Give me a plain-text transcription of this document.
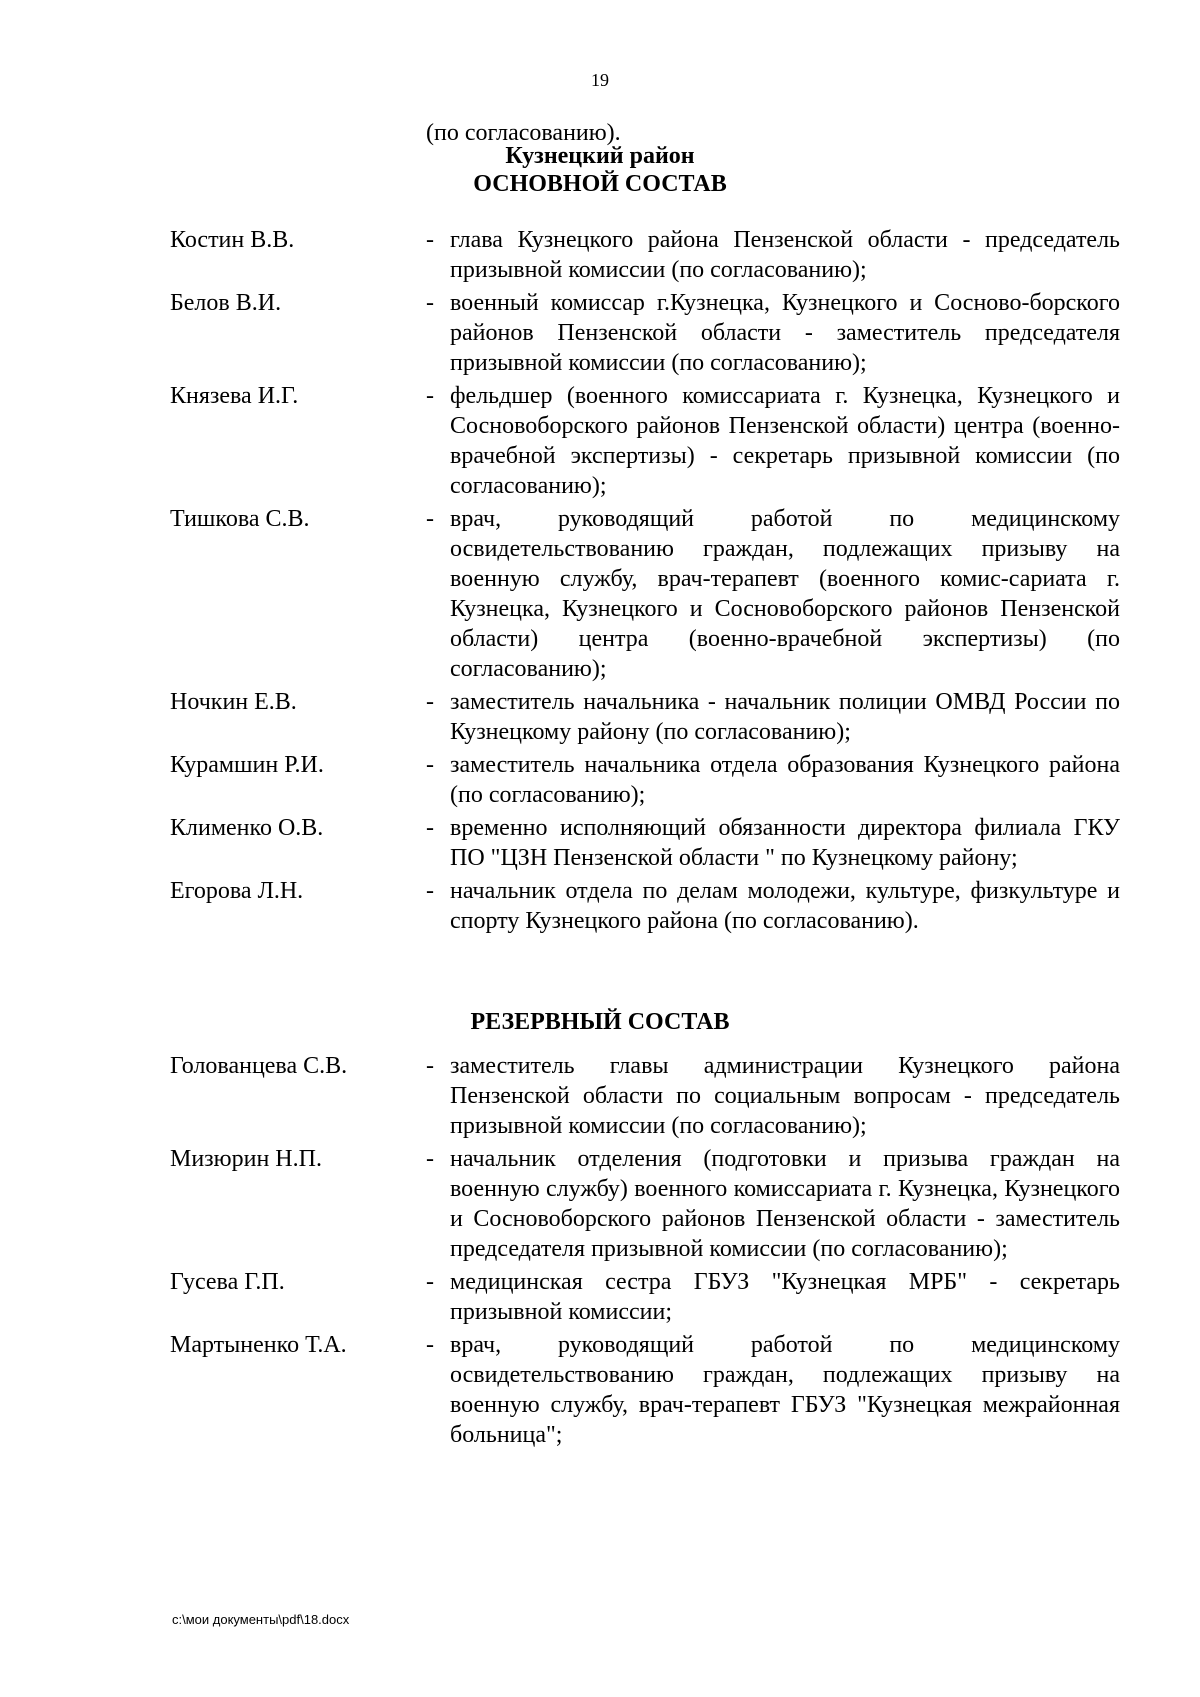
19
(по согласованию).
Кузнецкий район
ОСНОВНОЙ СОСТАВ
Костин В.В.	- глава Кузнецкого района Пензенской области - председатель призывной комиссии (по согласованию);
Белов В.И.	- военный комиссар г.Кузнецка, Кузнецкого и Сосново-борского районов Пензенской области - заместитель председателя призывной комиссии (по согласованию);
Князева И.Г.	- фельдшер (военного комиссариата г. Кузнецка, Кузнецкого и Сосновоборского районов Пензенской области) центра (военно-врачебной экспертизы) - секретарь призывной комиссии (по согласованию);
Тишкова С.В.	- врач, руководящий работой по медицинскому освидетельствованию граждан, подлежащих призыву на военную службу, врач-терапевт (военного комис-сариата г. Кузнецка, Кузнецкого и Сосновоборского районов Пензенской области) центра (военно-врачебной экспертизы) (по согласованию);
Ночкин Е.В.	- заместитель начальника - начальник полиции ОМВД России по Кузнецкому району (по согласованию);
Курамшин Р.И.	- заместитель начальника отдела образования Кузнецкого района (по согласованию);
Клименко О.В.	- временно исполняющий обязанности директора филиала ГКУ ПО "ЦЗН Пензенской области " по Кузнецкому району;
Егорова Л.Н.	- начальник отдела по делам молодежи, культуре, физкультуре и спорту Кузнецкого района (по согласованию).
РЕЗЕРВНЫЙ СОСТАВ
Голованцева С.В.	- заместитель главы администрации Кузнецкого района Пензенской области по социальным вопросам - председатель призывной комиссии (по согласованию);
Мизюрин Н.П.	- начальник отделения (подготовки и призыва граждан на военную службу) военного комиссариата г. Кузнецка, Кузнецкого и Сосновоборского районов Пензенской области - заместитель председателя призывной комиссии (по согласованию);
Гусева Г.П.	- медицинская сестра ГБУЗ "Кузнецкая МРБ" - секретарь призывной комиссии;
Мартыненко Т.А.	- врач, руководящий работой по медицинскому освидетельствованию граждан, подлежащих призыву на военную службу, врач-терапевт ГБУЗ "Кузнецкая межрайонная больница";
c:\мои документы\pdf\18.docx
